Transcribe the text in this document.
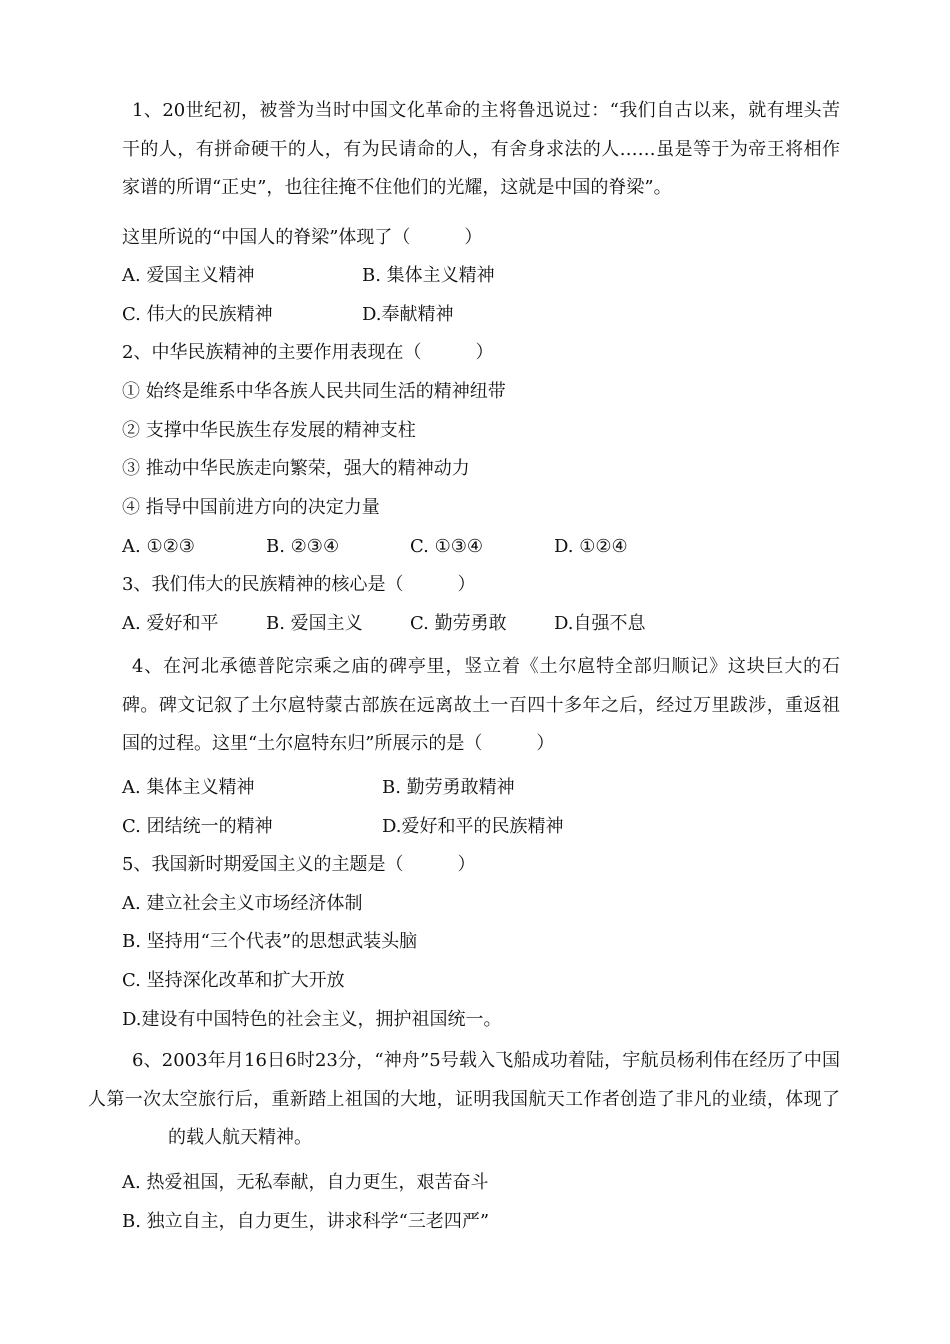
1、20世纪初，被誉为当时中国文化革命的主将鲁迅说过：“我们自古以来，就有埋头苦干的人，有拼命硬干的人，有为民请命的人，有舍身求法的人……虽是等于为帝王将相作家谱的所谓“正史”，也往往掩不住他们的光耀，这就是中国的脊梁”。
这里所说的“中国人的脊梁”体现了（　　　）
A. 爱国主义精神	B. 集体主义精神
C. 伟大的民族精神	D.奉献精神
2、中华民族精神的主要作用表现在（　　　）
① 始终是维系中华各族人民共同生活的精神纽带
② 支撑中华民族生存发展的精神支柱
③ 推动中华民族走向繁荣，强大的精神动力
④ 指导中国前进方向的决定力量
A. ①②③	B. ②③④	C. ①③④	D. ①②④
3、我们伟大的民族精神的核心是（　　　）
A. 爱好和平	B. 爱国主义	C. 勤劳勇敢	D.自强不息
4、在河北承德普陀宗乘之庙的碑亭里，竖立着《土尔扈特全部归顺记》这块巨大的石碑。碑文记叙了土尔扈特蒙古部族在远离故土一百四十多年之后，经过万里跋涉，重返祖国的过程。这里“土尔扈特东归”所展示的是（　　　）
A. 集体主义精神	B. 勤劳勇敢精神
C. 团结统一的精神	D.爱好和平的民族精神
5、我国新时期爱国主义的主题是（　　　）
A. 建立社会主义市场经济体制
B. 坚持用“三个代表”的思想武装头脑
C. 坚持深化改革和扩大开放
D.建设有中国特色的社会主义，拥护祖国统一。
6、2003年月16日6时23分，“神舟”5号载入飞船成功着陆，宇航员杨利伟在经历了中国人第一次太空旅行后，重新踏上祖国的大地，证明我国航天工作者创造了非凡的业绩，体现了的载人航天精神。
A. 热爱祖国，无私奉献，自力更生，艰苦奋斗
B. 独立自主，自力更生，讲求科学“三老四严”
